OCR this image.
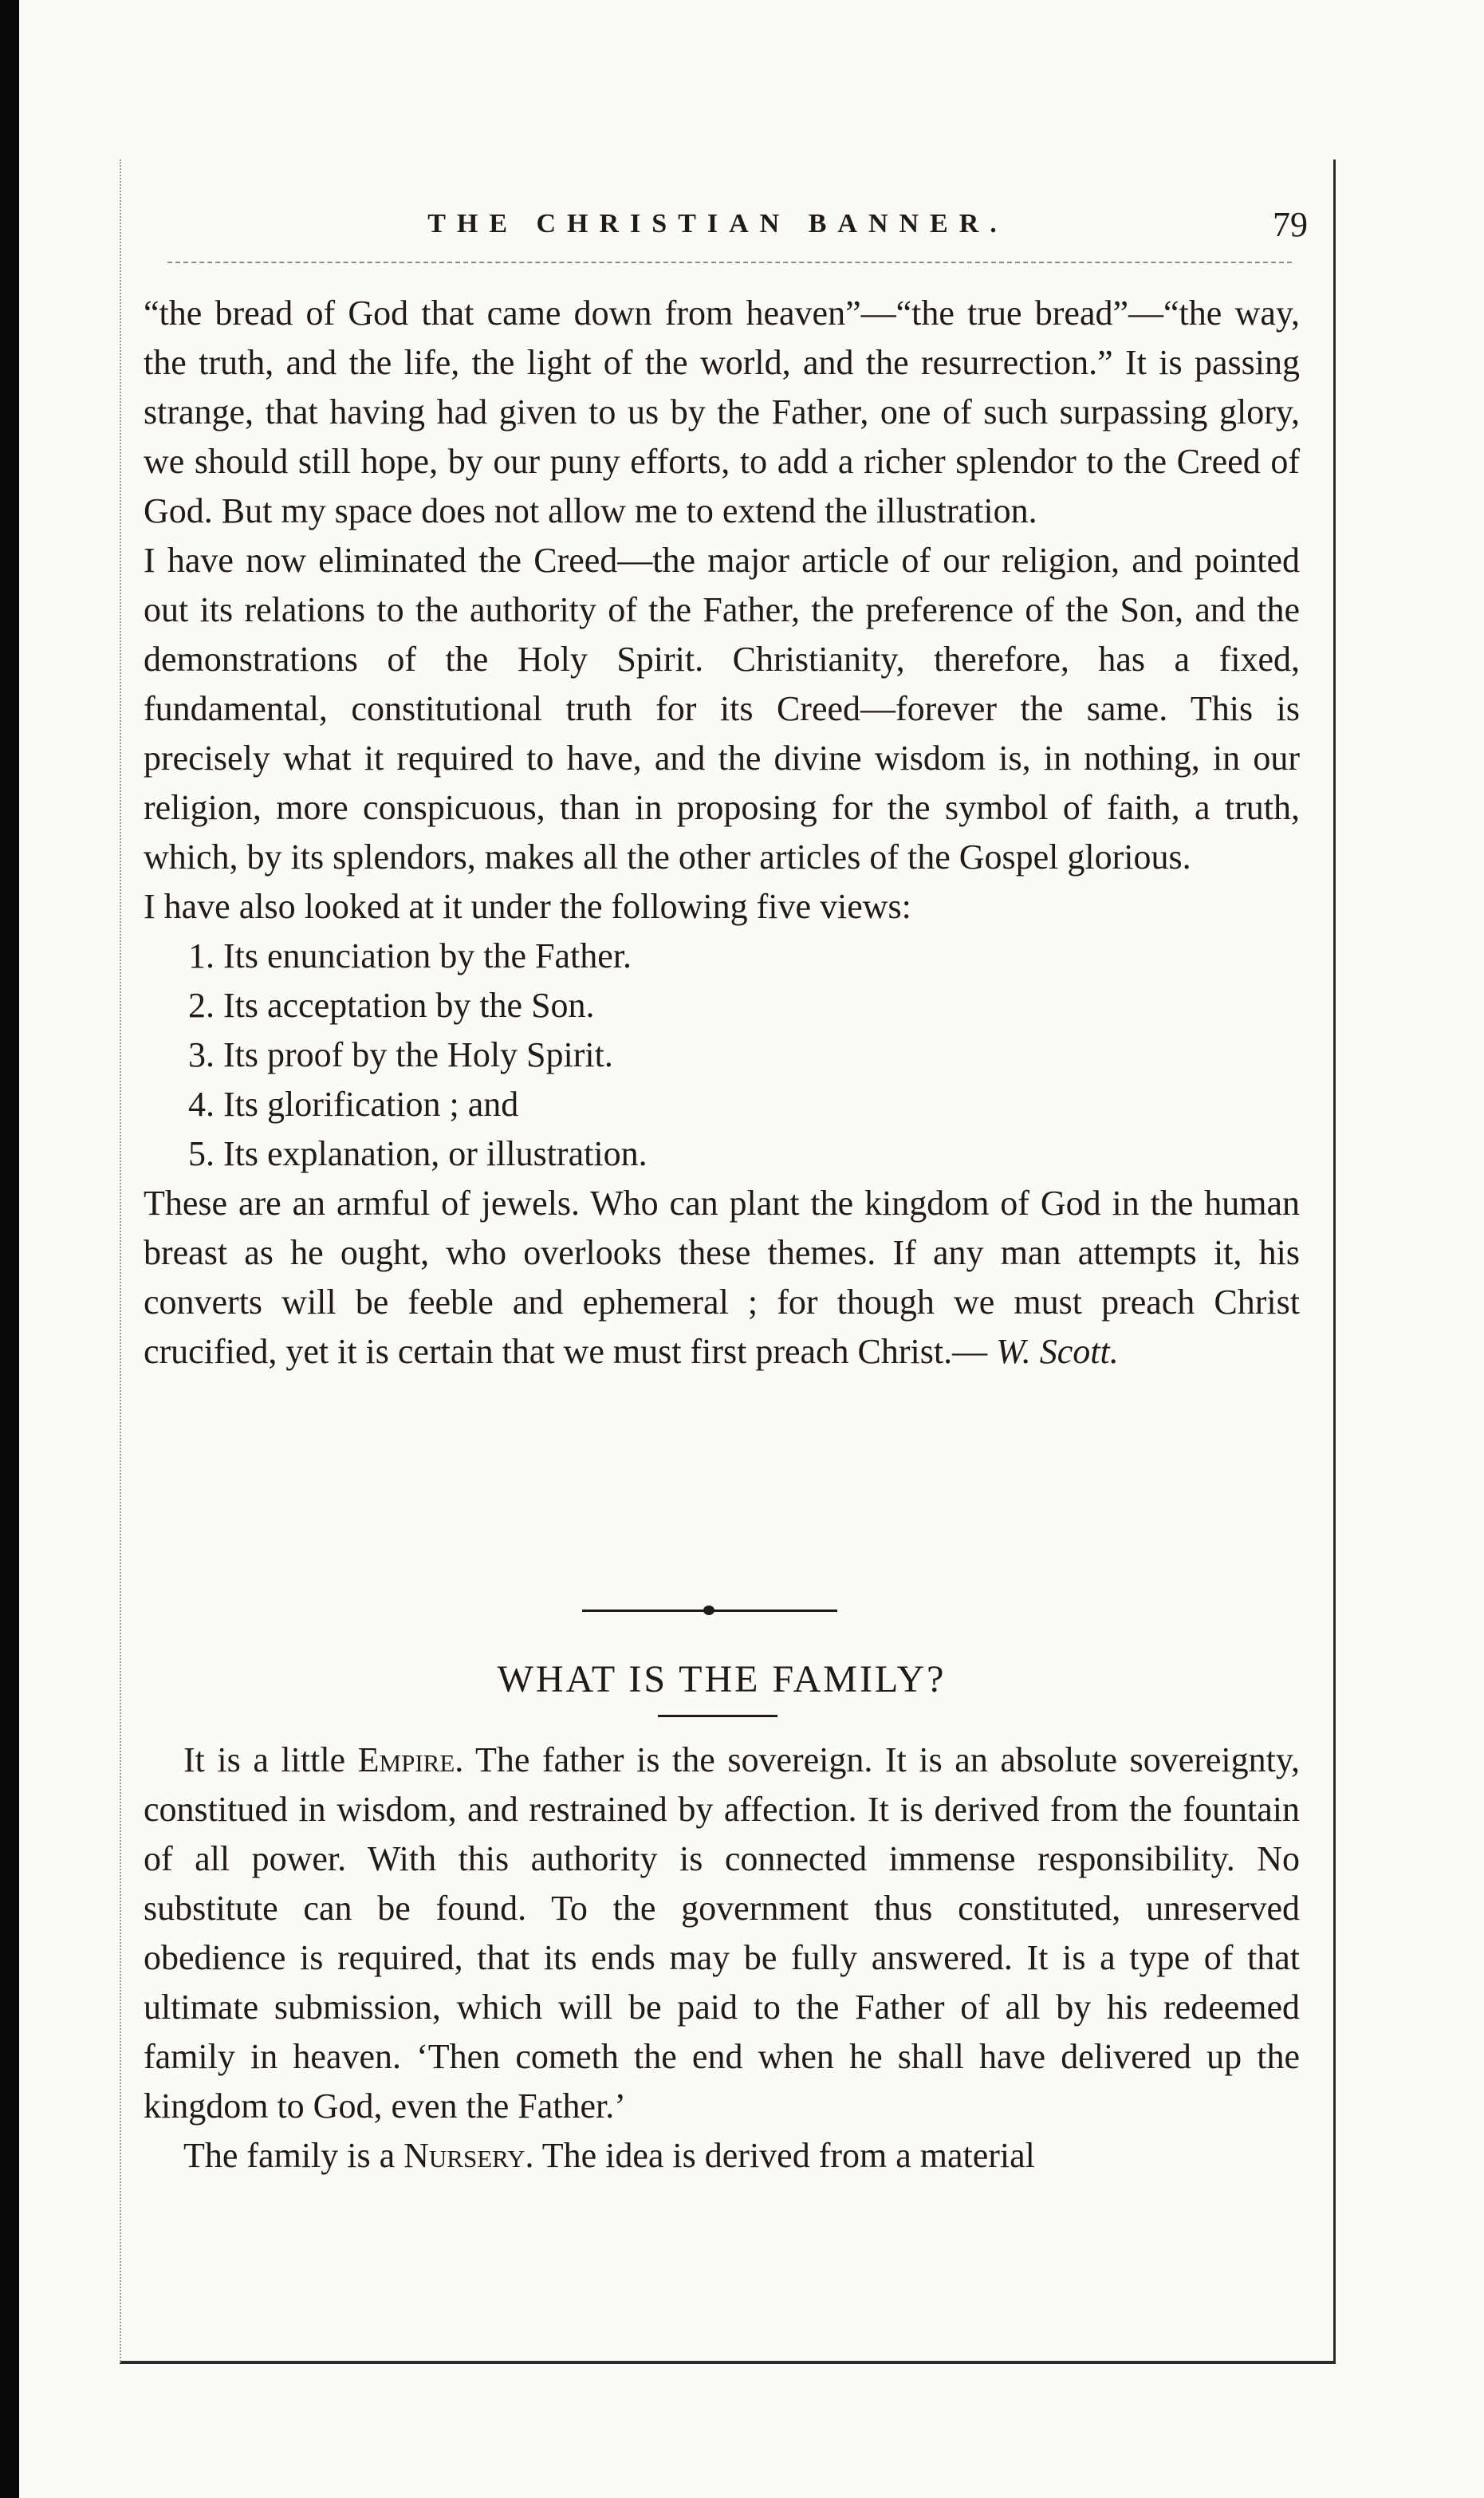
THE CHRISTIAN BANNER.	79

“the bread of God that came down from heaven”—“the true bread”—“the way, the truth, and the life, the light of the world, and the resurrection.” It is passing strange, that having had given to us by the Father, one of such surpassing glory, we should still hope, by our puny efforts, to add a richer splendor to the Creed of God. But my space does not allow me to extend the illustration.

I have now eliminated the Creed—the major article of our religion, and pointed out its relations to the authority of the Father, the preference of the Son, and the demonstrations of the Holy Spirit. Christianity, therefore, has a fixed, fundamental, constitutional truth for its Creed—forever the same. This is precisely what it required to have, and the divine wisdom is, in nothing, in our religion, more conspicuous, than in proposing for the symbol of faith, a truth, which, by its splendors, makes all the other articles of the Gospel glorious.

I have also looked at it under the following five views:

1. Its enunciation by the Father.
2. Its acceptation by the Son.
3. Its proof by the Holy Spirit.
4. Its glorification ; and
5. Its explanation, or illustration.

These are an armful of jewels. Who can plant the kingdom of God in the human breast as he ought, who overlooks these themes. If any man attempts it, his converts will be feeble and ephemeral ; for though we must preach Christ crucified, yet it is certain that we must first preach Christ.— W. Scott.

WHAT IS THE FAMILY?

It is a little Empire. The father is the sovereign. It is an absolute sovereignty, constitued in wisdom, and restrained by affection. It is derived from the fountain of all power. With this authority is connected immense responsibility. No substitute can be found. To the government thus constituted, unreserved obedience is required, that its ends may be fully answered. It is a type of that ultimate submission, which will be paid to the Father of all by his redeemed family in heaven. ‘Then cometh the end when he shall have delivered up the kingdom to God, even the Father.’

The family is a Nursery. The idea is derived from a material
